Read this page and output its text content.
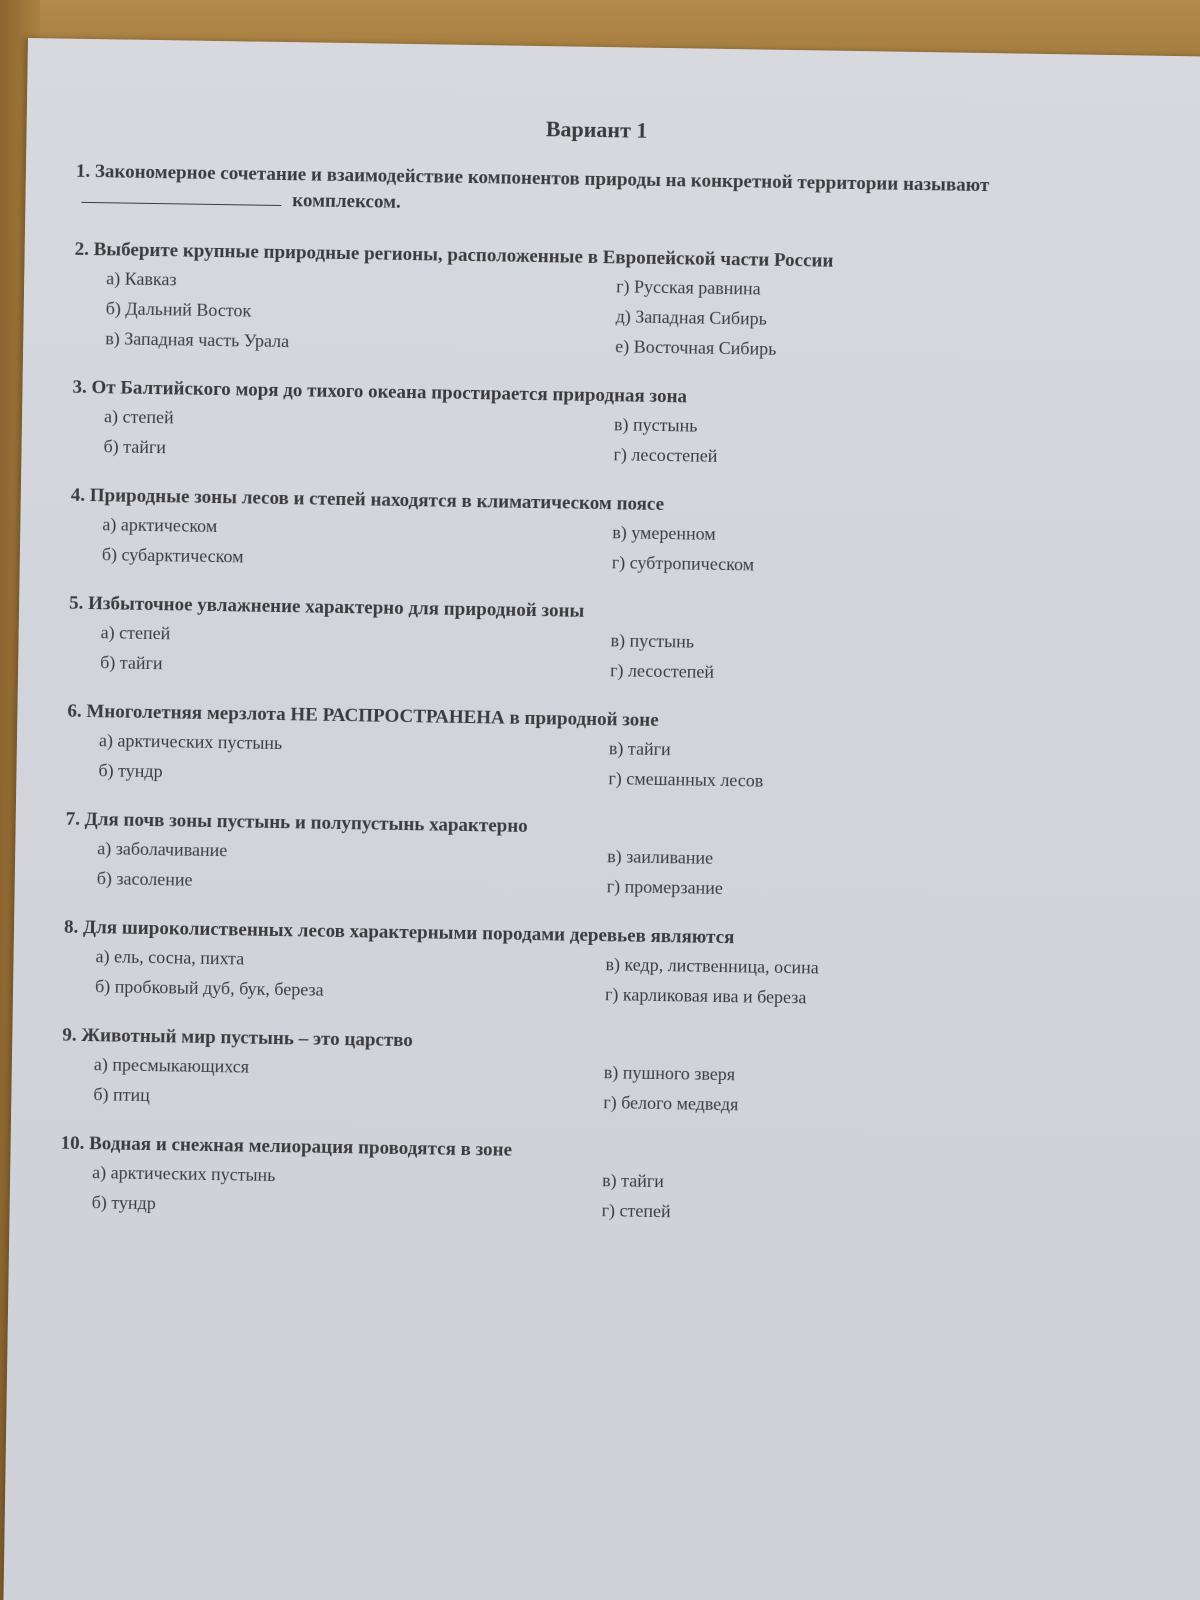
Вариант 1
1. Закономерное сочетание и взаимодействие компонентов природы на конкретной территории называют  комплексом.
2. Выберите крупные природные регионы, расположенные в Европейской части России
а) Кавказ
б) Дальний Восток
в) Западная часть Урала
г) Русская равнина
д) Западная Сибирь
е) Восточная Сибирь
3. От Балтийского моря до тихого океана простирается природная зона
а) степей
б) тайги
в) пустынь
г) лесостепей
4. Природные зоны лесов и степей находятся в климатическом поясе
а) арктическом
б) субарктическом
в) умеренном
г) субтропическом
5. Избыточное увлажнение характерно для природной зоны
а) степей
б) тайги
в) пустынь
г) лесостепей
6. Многолетняя мерзлота НЕ РАСПРОСТРАНЕНА в природной зоне
а) арктических пустынь
б) тундр
в) тайги
г) смешанных лесов
7. Для почв зоны пустынь и полупустынь характерно
а) заболачивание
б) засоление
в) заиливание
г) промерзание
8. Для широколиственных лесов характерными породами деревьев являются
а) ель, сосна, пихта
б) пробковый дуб, бук, береза
в) кедр, лиственница, осина
г) карликовая ива и береза
9. Животный мир пустынь – это царство
а) пресмыкающихся
б) птиц
в) пушного зверя
г) белого медведя
10. Водная и снежная мелиорация проводятся в зоне
а) арктических пустынь
б) тундр
в) тайги
г) степей
